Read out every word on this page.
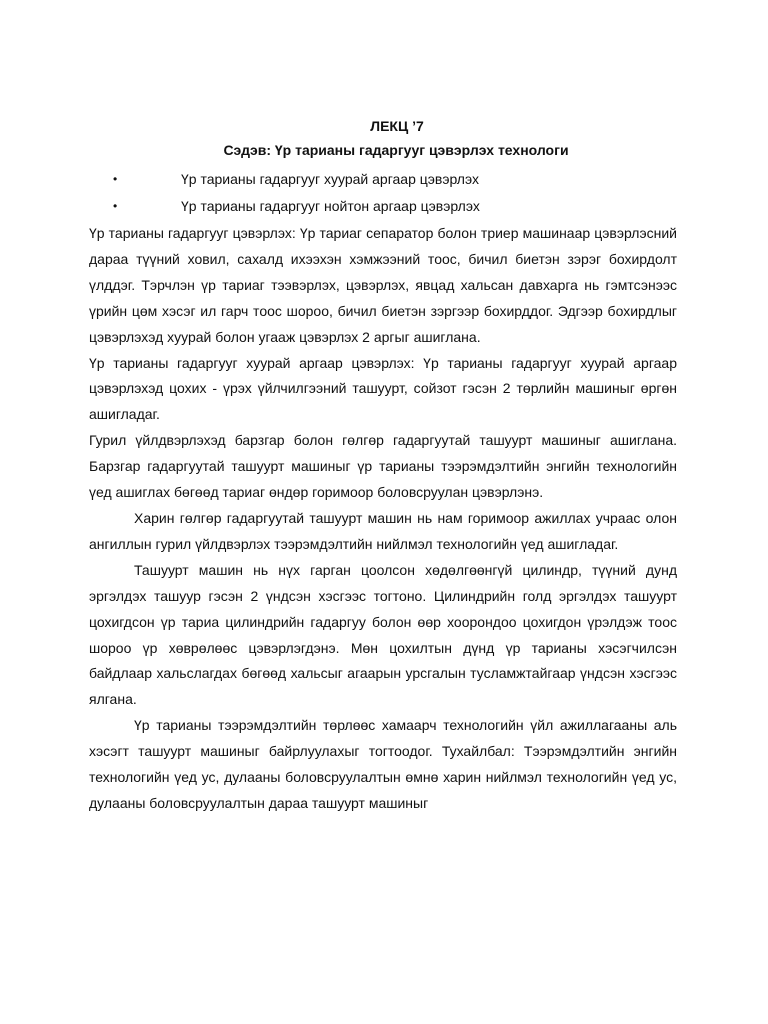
ЛЕКЦ ’7
Сэдэв: Үр тарианы гадаргууг цэвэрлэх технологи
•	Үр тарианы гадаргууг хуурай аргаар цэвэрлэх
•	Үр тарианы гадаргууг нойтон аргаар цэвэрлэх

Үр тарианы гадаргууг цэвэрлэх: Үр тариаг сепаратор болон триер машинаар цэвэрлэсний дараа түүний ховил, сахалд ихээхэн хэмжээний тоос, бичил биетэн зэрэг бохирдолт үлддэг. Тэрчлэн үр тариаг тээвэрлэх, цэвэрлэх, явцад хальсан давхарга нь гэмтсэнээс үрийн цөм хэсэг ил гарч тоос шороо, бичил биетэн зэргээр бохирддог. Эдгээр бохирдлыг цэвэрлэхэд хуурай болон угааж цэвэрлэх 2 аргыг ашиглана.

Үр тарианы гадаргууг хуурай аргаар цэвэрлэх: Үр тарианы гадаргууг хуурай аргаар цэвэрлэхэд цохих - үрэх үйлчилгээний ташуурт, сойзот гэсэн 2 төрлийн машиныг өргөн ашигладаг.

Гурил үйлдвэрлэхэд барзгар болон гөлгөр гадаргуутай ташуурт машиныг ашиглана. Барзгар гадаргуутай ташуурт машиныг үр тарианы тээрэмдэлтийн энгийн технологийн үед ашиглах бөгөөд тариаг өндөр горимоор боловсруулан цэвэрлэнэ.

Харин гөлгөр гадаргуутай ташуурт машин нь нам горимоор ажиллах учраас олон ангиллын гурил үйлдвэрлэх тээрэмдэлтийн нийлмэл технологийн үед ашигладаг.

Ташуурт машин нь нүх гарган цоолсон хөдөлгөөнгүй цилиндр, түүний дунд эргэлдэх ташуур гэсэн 2 үндсэн хэсгээс тогтоно. Цилиндрийн голд эргэлдэх ташуурт цохигдсон үр тариа цилиндрийн гадаргуу болон өөр хоорондоо цохигдон үрэлдэж тоос шороо үр хөврөлөөс цэвэрлэгдэнэ. Мөн цохилтын дүнд үр тарианы хэсэгчилсэн байдлаар хальслагдах бөгөөд хальсыг агаарын урсгалын тусламжтайгаар үндсэн хэсгээс ялгана.

Үр тарианы тээрэмдэлтийн төрлөөс хамаарч технологийн үйл ажиллагааны аль хэсэгт ташуурт машиныг байрлуулахыг тогтоодог. Тухайлбал: Тээрэмдэлтийн энгийн технологийн үед ус, дулааны боловсруулалтын өмнө харин нийлмэл технологийн үед ус, дулааны боловсруулалтын дараа ташуурт машиныг
